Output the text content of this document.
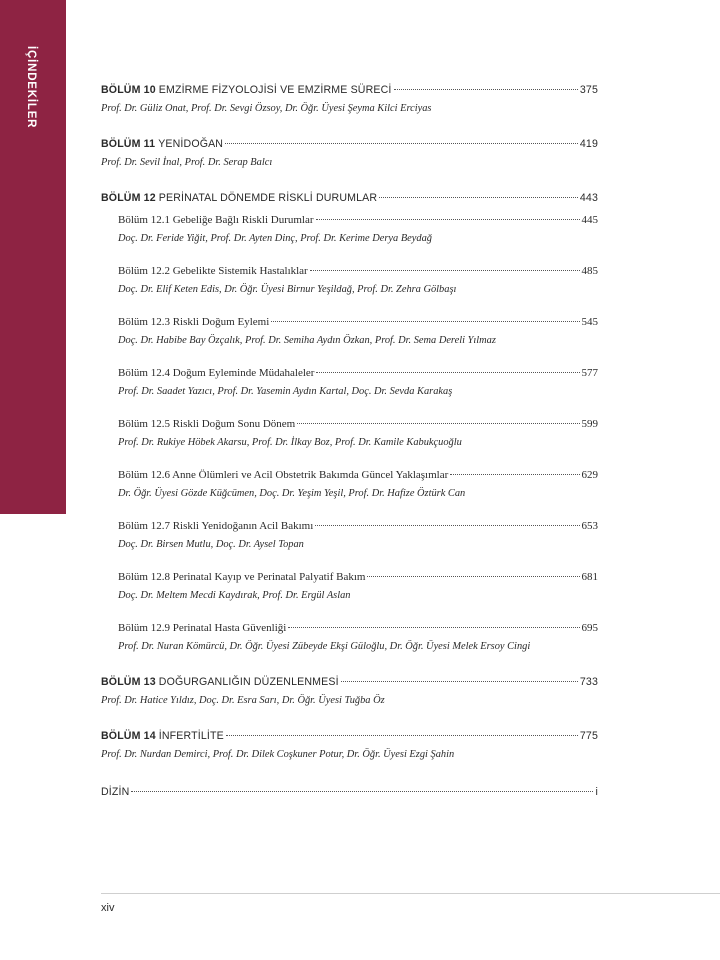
İÇİNDEKİLER	BÖLÜM 10 EMZİRME FİZYOLOJİSİ VE EMZİRME SÜRECİ	375
Prof. Dr. Güliz Onat, Prof. Dr. Sevgi Özsoy, Dr. Öğr. Üyesi Şeyma Kilci Erciyas
BÖLÜM 11 YENİDOĞAN	419
Prof. Dr. Sevil İnal, Prof. Dr. Serap Balcı
BÖLÜM 12 PERİNATAL DÖNEMDE RİSKLİ DURUMLAR	443
Bölüm 12.1 Gebeliğe Bağlı Riskli Durumlar	445
Doç. Dr. Feride Yiğit, Prof. Dr. Ayten Dinç, Prof. Dr. Kerime Derya Beydağ
Bölüm 12.2 Gebelikte Sistemik Hastalıklar	485
Doç. Dr. Elif Keten Edis, Dr. Öğr. Üyesi Birnur Yeşildağ, Prof. Dr. Zehra Gölbaşı
Bölüm 12.3 Riskli Doğum Eylemi	545
Doç. Dr. Habibe Bay Özçalık, Prof. Dr. Semiha Aydın Özkan, Prof. Dr. Sema Dereli Yılmaz
Bölüm 12.4 Doğum Eyleminde Müdahaleler	577
Prof. Dr. Saadet Yazıcı, Prof. Dr. Yasemin Aydın Kartal, Doç. Dr. Sevda Karakaş
Bölüm 12.5 Riskli Doğum Sonu Dönem	599
Prof. Dr. Rukiye Höbek Akarsu, Prof. Dr. İlkay Boz, Prof. Dr. Kamile Kabukçuoğlu
Bölüm 12.6 Anne Ölümleri ve Acil Obstetrik Bakımda Güncel Yaklaşımlar	629
Dr. Öğr. Üyesi Gözde Küğcümen, Doç. Dr. Yeşim Yeşil, Prof. Dr. Hafize Öztürk Can
Bölüm 12.7 Riskli Yenidoğanın Acil Bakımı	653
Doç. Dr. Birsen Mutlu, Doç. Dr. Aysel Topan
Bölüm 12.8 Perinatal Kayıp ve Perinatal Palyatif Bakım	681
Doç. Dr. Meltem Mecdi Kaydırak, Prof. Dr. Ergül Aslan
Bölüm 12.9 Perinatal Hasta Güvenliği	695
Prof. Dr. Nuran Kömürcü, Dr. Öğr. Üyesi Zübeyde Ekşi Güloğlu, Dr. Öğr. Üyesi Melek Ersoy Cingi
BÖLÜM 13 DOĞURGANLIĞIN DÜZENLENMESİ	733
Prof. Dr. Hatice Yıldız, Doç. Dr. Esra Sarı, Dr. Öğr. Üyesi Tuğba Öz
BÖLÜM 14 İNFERTİLİTE	775
Prof. Dr. Nurdan Demirci, Prof. Dr. Dilek Coşkuner Potur, Dr. Öğr. Üyesi Ezgi Şahin
DİZİN	i
xiv
